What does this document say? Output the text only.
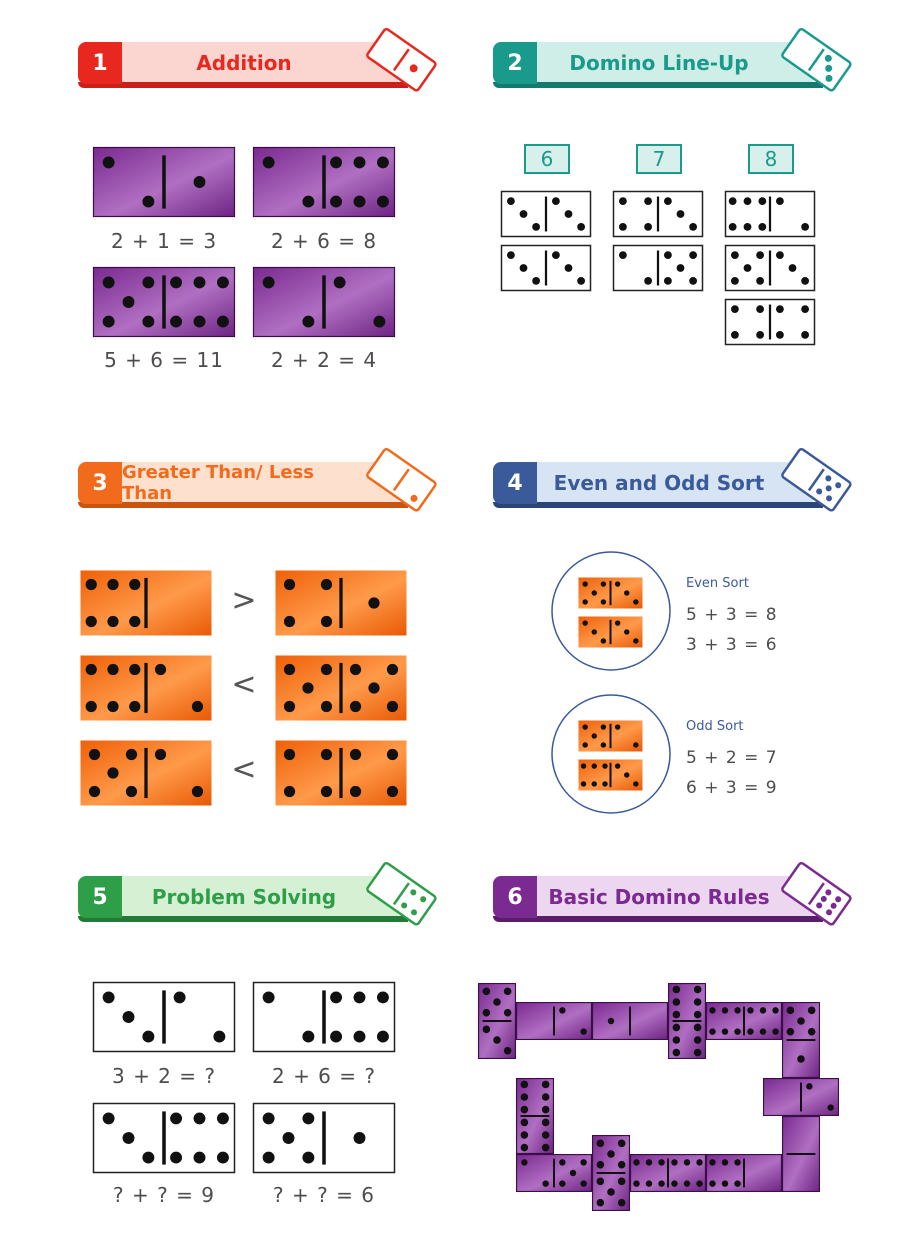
1	Addition
2 + 1 = 3	2 + 6 = 8
5 + 6 = 11	2 + 2 = 4
2	Domino Line-Up
6	7	8
3 Greater Than/ Less Than
>
<
<
4	Even and Odd Sort
Even Sort
5 + 3 = 8
3 + 3 = 6
Odd Sort
5 + 2 = 7
6 + 3 = 9
5	Problem Solving
3 + 2 = ?	2 + 6 = ?
? + ? = 9	? + ? = 6
6	Basic Domino Rules
